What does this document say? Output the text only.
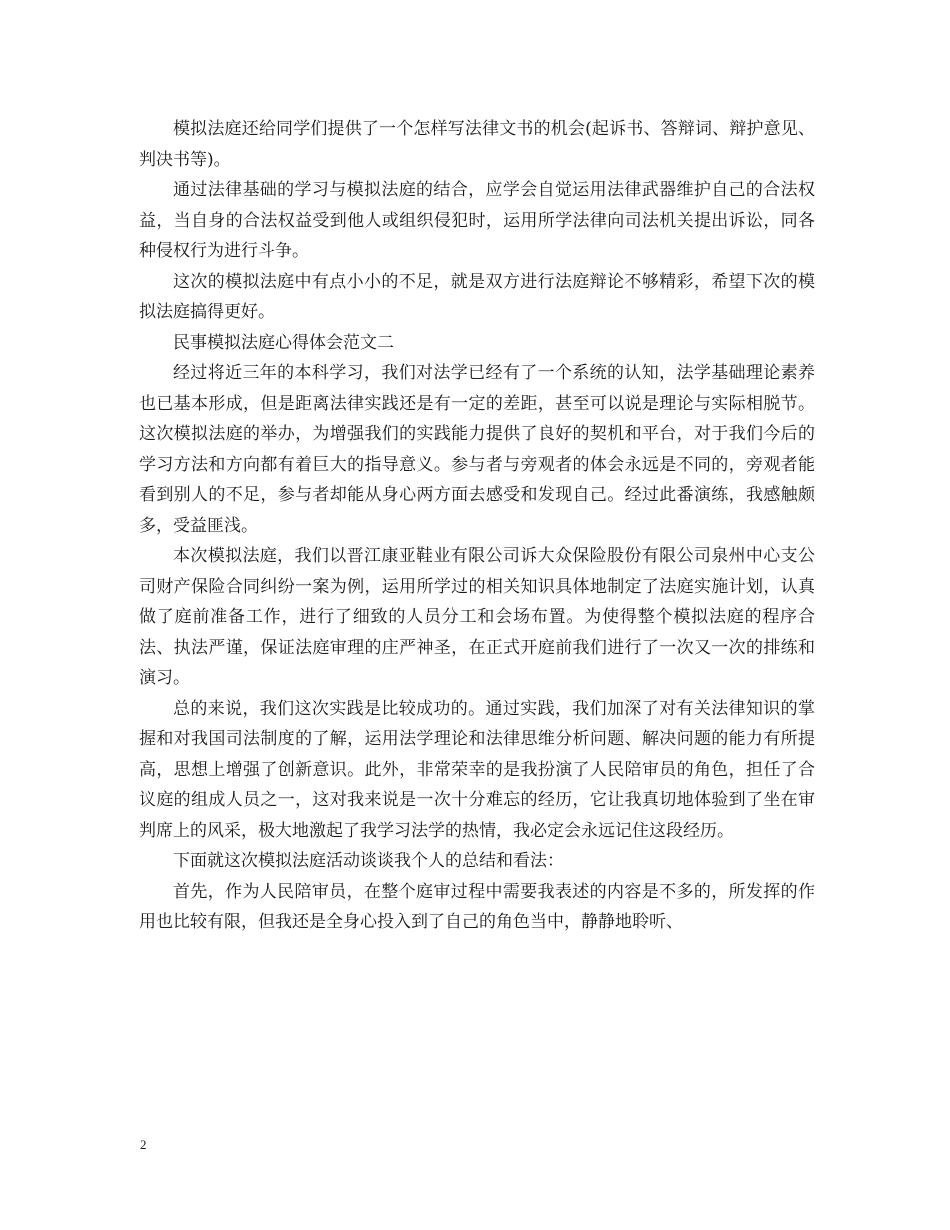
模拟法庭还给同学们提供了一个怎样写法律文书的机会(起诉书、答辩词、辩护意见、判决书等)。

通过法律基础的学习与模拟法庭的结合，应学会自觉运用法律武器维护自己的合法权益，当自身的合法权益受到他人或组织侵犯时，运用所学法律向司法机关提出诉讼，同各种侵权行为进行斗争。

这次的模拟法庭中有点小小的不足，就是双方进行法庭辩论不够精彩，希望下次的模拟法庭搞得更好。

民事模拟法庭心得体会范文二

经过将近三年的本科学习，我们对法学已经有了一个系统的认知，法学基础理论素养也已基本形成，但是距离法律实践还是有一定的差距，甚至可以说是理论与实际相脱节。这次模拟法庭的举办，为增强我们的实践能力提供了良好的契机和平台，对于我们今后的学习方法和方向都有着巨大的指导意义。参与者与旁观者的体会永远是不同的，旁观者能看到别人的不足，参与者却能从身心两方面去感受和发现自己。经过此番演练，我感触颇多，受益匪浅。

本次模拟法庭，我们以晋江康亚鞋业有限公司诉大众保险股份有限公司泉州中心支公司财产保险合同纠纷一案为例，运用所学过的相关知识具体地制定了法庭实施计划，认真做了庭前准备工作，进行了细致的人员分工和会场布置。为使得整个模拟法庭的程序合法、执法严谨，保证法庭审理的庄严神圣，在正式开庭前我们进行了一次又一次的排练和演习。

总的来说，我们这次实践是比较成功的。通过实践，我们加深了对有关法律知识的掌握和对我国司法制度的了解，运用法学理论和法律思维分析问题、解决问题的能力有所提高，思想上增强了创新意识。此外，非常荣幸的是我扮演了人民陪审员的角色，担任了合议庭的组成人员之一，这对我来说是一次十分难忘的经历，它让我真切地体验到了坐在审判席上的风采，极大地激起了我学习法学的热情，我必定会永远记住这段经历。

下面就这次模拟法庭活动谈谈我个人的总结和看法：

首先，作为人民陪审员，在整个庭审过程中需要我表述的内容是不多的，所发挥的作用也比较有限，但我还是全身心投入到了自己的角色当中，静静地聆听、

2
